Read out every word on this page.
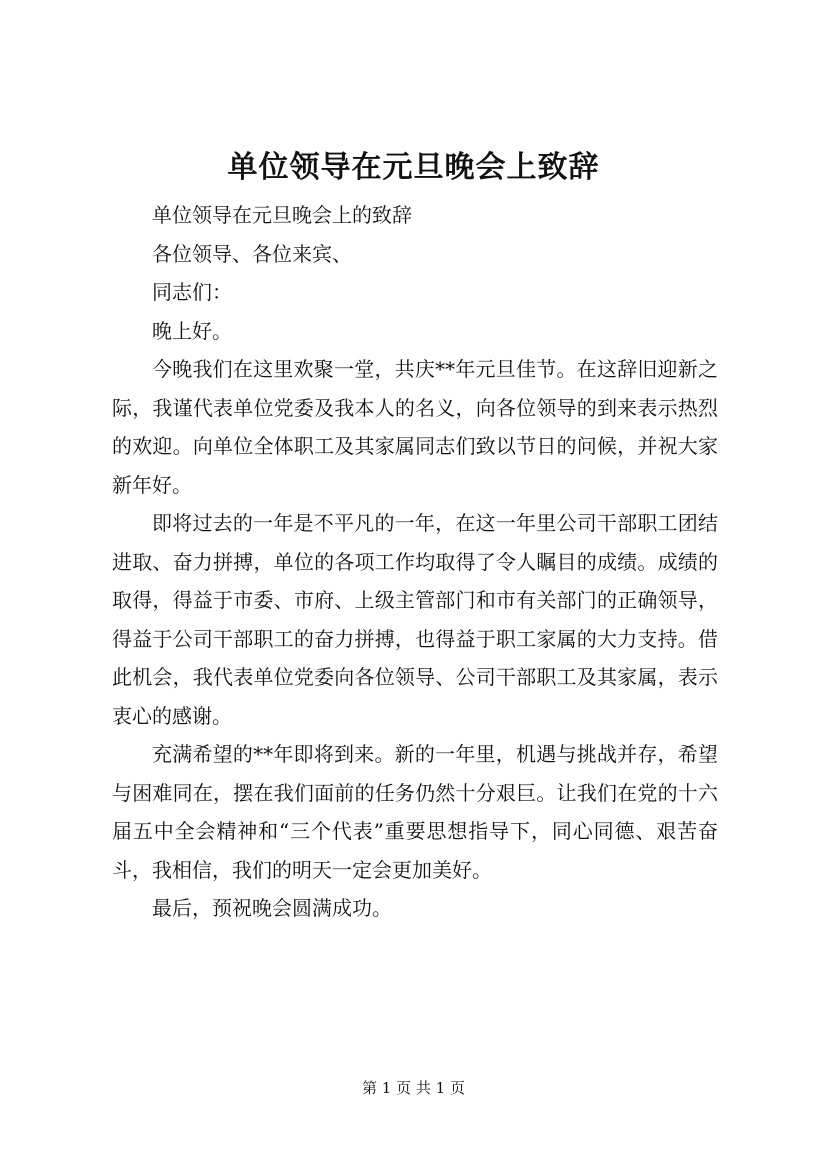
单位领导在元旦晚会上致辞

单位领导在元旦晚会上的致辞

各位领导、各位来宾、

同志们：

晚上好。

今晚我们在这里欢聚一堂，共庆**年元旦佳节。在这辞旧迎新之际，我谨代表单位党委及我本人的名义，向各位领导的到来表示热烈的欢迎。向单位全体职工及其家属同志们致以节日的问候，并祝大家新年好。

即将过去的一年是不平凡的一年，在这一年里公司干部职工团结进取、奋力拼搏，单位的各项工作均取得了令人瞩目的成绩。成绩的取得，得益于市委、市府、上级主管部门和市有关部门的正确领导，得益于公司干部职工的奋力拼搏，也得益于职工家属的大力支持。借此机会，我代表单位党委向各位领导、公司干部职工及其家属，表示衷心的感谢。

充满希望的**年即将到来。新的一年里，机遇与挑战并存，希望与困难同在，摆在我们面前的任务仍然十分艰巨。让我们在党的十六届五中全会精神和“三个代表”重要思想指导下，同心同德、艰苦奋斗，我相信，我们的明天一定会更加美好。

最后，预祝晚会圆满成功。

第 1 页 共 1 页
